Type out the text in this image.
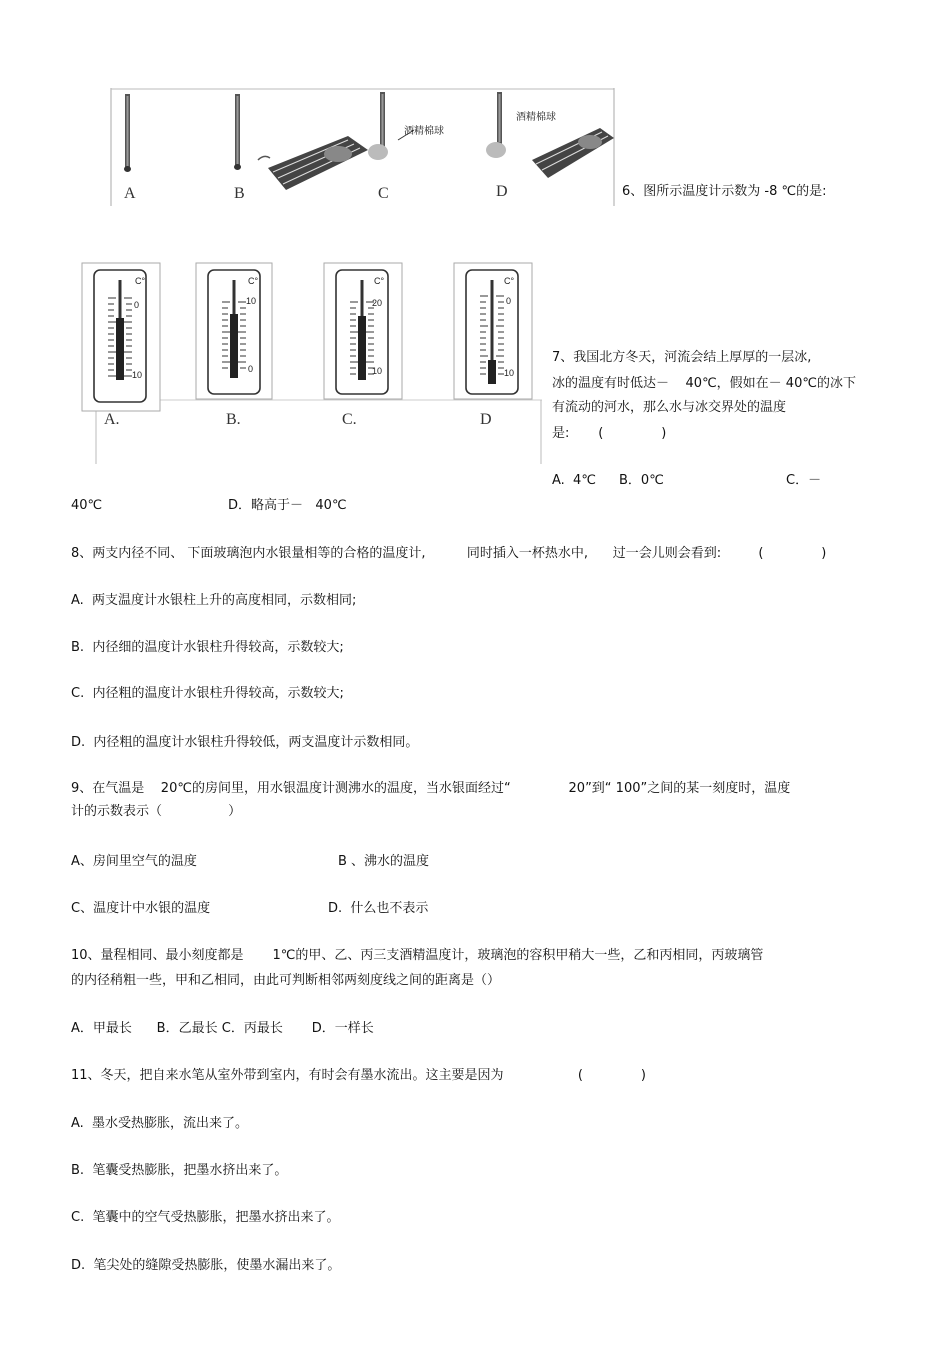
酒精棉球
酒精棉球
A	B	C	D	6、图所示温度计示数为 -8 ℃的是:
C°
0
10
C°
10
0
C°
20
10
C°
0
10
A.	B.	C.	D
7、我国北方冬天，河流会结上厚厚的一层冰,
冰的温度有时低达－    40℃，假如在－ 40℃的冰下
有流动的河水，那么水与冰交界处的温度
是:       (              )
A.  4℃ B．0℃	C．－
40℃	D．略高于－   40℃
8、两支内径不同、 下面玻璃泡内水银量相等的合格的温度计,          同时插入一杯热水中,      过一会儿则会看到:         (              )
A.  两支温度计水银柱上升的高度相同，示数相同;
B.  内径细的温度计水银柱升得较高，示数较大;
C.  内径粗的温度计水银柱升得较高，示数较大;
D.  内径粗的温度计水银柱升得较低，两支温度计示数相同。
9、在气温是    20℃的房间里，用水银温度计测沸水的温度，当水银面经过“              20”到“ 100”之间的某一刻度时，温度
计的示数表示（                ）
A、房间里空气的温度	B 、沸水的温度
C、温度计中水银的温度	D.  什么也不表示
10、量程相同、最小刻度都是       1℃的甲、乙、丙三支酒精温度计，玻璃泡的容积甲稍大一些，乙和丙相同，丙玻璃管
的内径稍粗一些，甲和乙相同，由此可判断相邻两刻度线之间的距离是（）
A．甲最长      B．乙最长 C．丙最长       D．一样长
11、冬天，把自来水笔从室外带到室内，有时会有墨水流出。这主要是因为                  (              )
A.  墨水受热膨胀，流出来了。
B.  笔囊受热膨胀，把墨水挤出来了。
C.  笔囊中的空气受热膨胀，把墨水挤出来了。
D.  笔尖处的缝隙受热膨胀，使墨水漏出来了。
